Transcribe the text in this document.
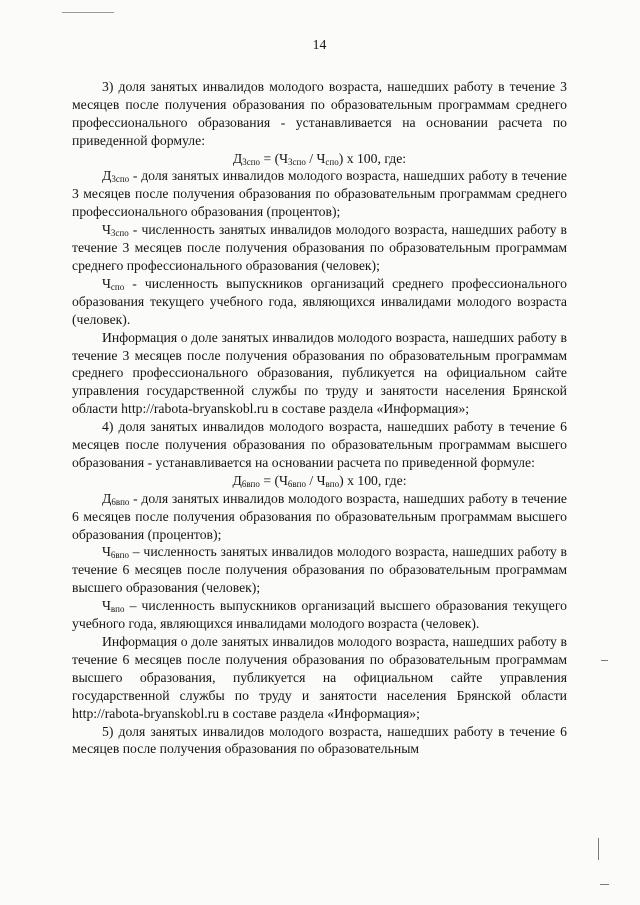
14

3) доля занятых инвалидов молодого возраста, нашедших работу в течение 3 месяцев после получения образования по образовательным программам среднего профессионального образования - устанавливается на основании расчета по приведенной формуле:

$Д_{3спо} = (Ч_{3спо} / Ч_{спо})$ x 100, где:

$Д_{3спо}$ - доля занятых инвалидов молодого возраста, нашедших работу в течение 3 месяцев после получения образования по образовательным программам среднего профессионального образования (процентов);

$Ч_{3спо}$ - численность занятых инвалидов молодого возраста, нашедших работу в течение 3 месяцев после получения образования по образовательным программам среднего профессионального образования (человек);

$Ч_{спо}$ - численность выпускников организаций среднего профессионального образования текущего учебного года, являющихся инвалидами молодого возраста (человек).

Информация о доле занятых инвалидов молодого возраста, нашедших работу в течение 3 месяцев после получения образования по образовательным программам среднего профессионального образования, публикуется на официальном сайте управления государственной службы по труду и занятости населения Брянской области http://rabota-bryanskobl.ru в составе раздела «Информация»;

4) доля занятых инвалидов молодого возраста, нашедших работу в течение 6 месяцев после получения образования по образовательным программам высшего образования - устанавливается на основании расчета по приведенной формуле:

$Д_{6впо} = (Ч_{6впо} / Ч_{впо})$ x 100, где:

$Д_{6впо}$ - доля занятых инвалидов молодого возраста, нашедших работу в течение 6 месяцев после получения образования по образовательным программам высшего образования (процентов);

$Ч_{6впо}$ – численность занятых инвалидов молодого возраста, нашедших работу в течение 6 месяцев после получения образования по образовательным программам высшего образования (человек);

$Ч_{впо}$ – численность выпускников организаций высшего образования текущего учебного года, являющихся инвалидами молодого возраста (человек).

Информация о доле занятых инвалидов молодого возраста, нашедших работу в течение 6 месяцев после получения образования по образовательным программам высшего образования, публикуется на официальном сайте управления государственной службы по труду и занятости населения Брянской области http://rabota-bryanskobl.ru в составе раздела «Информация»;

5) доля занятых инвалидов молодого возраста, нашедших работу в течение 6 месяцев после получения образования по образовательным
